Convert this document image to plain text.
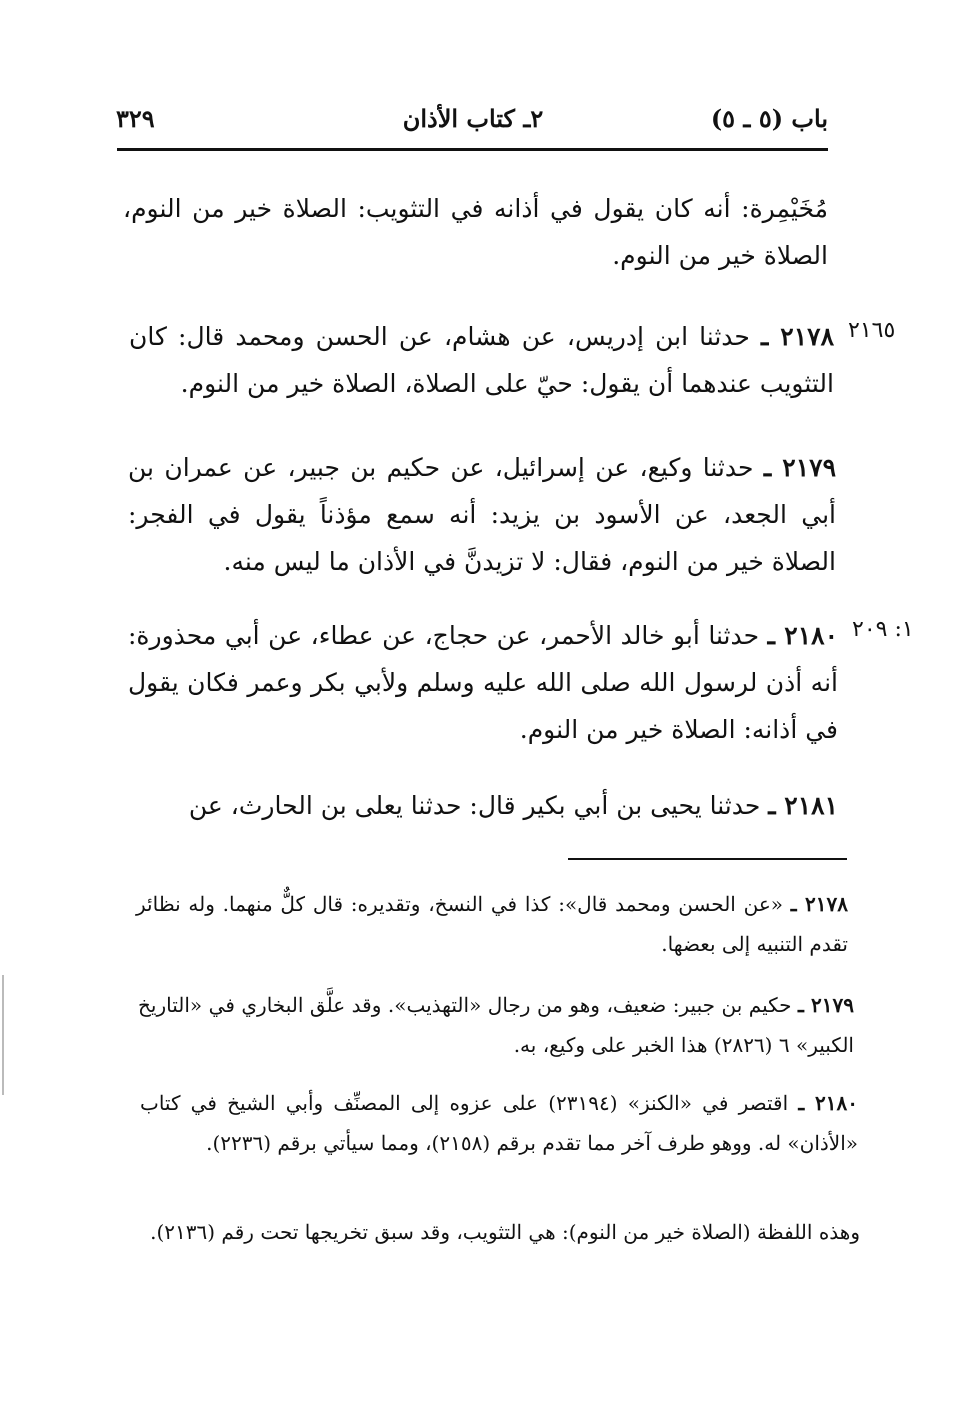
باب (٥ ـ ٥)
٢ـ كتاب الأذان
٣٢٩
مُخَيْمِرة: أنه كان يقول في أذانه في التثويب: الصلاة خير من النوم، الصلاة خير من النوم.
٢١٦٥
٢١٧٨ ـ حدثنا ابن إدريس، عن هشام، عن الحسن ومحمد قال: كان التثويب عندهما أن يقول: حيّ على الصلاة، الصلاة خير من النوم.
٢١٧٩ ـ حدثنا وكيع، عن إسرائيل، عن حكيم بن جبير، عن عمران بن أبي الجعد، عن الأسود بن يزيد: أنه سمع مؤذناً يقول في الفجر: الصلاة خير من النوم، فقال: لا تزيدنَّ في الأذان ما ليس منه.
١: ٢٠٩
٢١٨٠ ـ حدثنا أبو خالد الأحمر، عن حجاج، عن عطاء، عن أبي محذورة: أنه أذن لرسول الله صلى الله عليه وسلم ولأبي بكر وعمر فكان يقول في أذانه: الصلاة خير من النوم.
٢١٨١ ـ حدثنا يحيى بن أبي بكير قال: حدثنا يعلى بن الحارث، عن
٢١٧٨ ـ «عن الحسن ومحمد قال»: كذا في النسخ، وتقديره: قال كلٌّ منهما. وله نظائر تقدم التنبيه إلى بعضها.
٢١٧٩ ـ حكيم بن جبير: ضعيف، وهو من رجال «التهذيب». وقد علَّق البخاري في «التاريخ الكبير» ٦ (٢٨٢٦) هذا الخبر على وكيع، به.
٢١٨٠ ـ اقتصر في «الكنز» (٢٣١٩٤) على عزوه إلى المصنِّف وأبي الشيخ في كتاب «الأذان» له. ووهو طرف آخر مما تقدم برقم (٢١٥٨)، ومما سيأتي برقم (٢٢٣٦).
وهذه اللفظة (الصلاة خير من النوم): هي التثويب، وقد سبق تخريجها تحت رقم (٢١٣٦).
